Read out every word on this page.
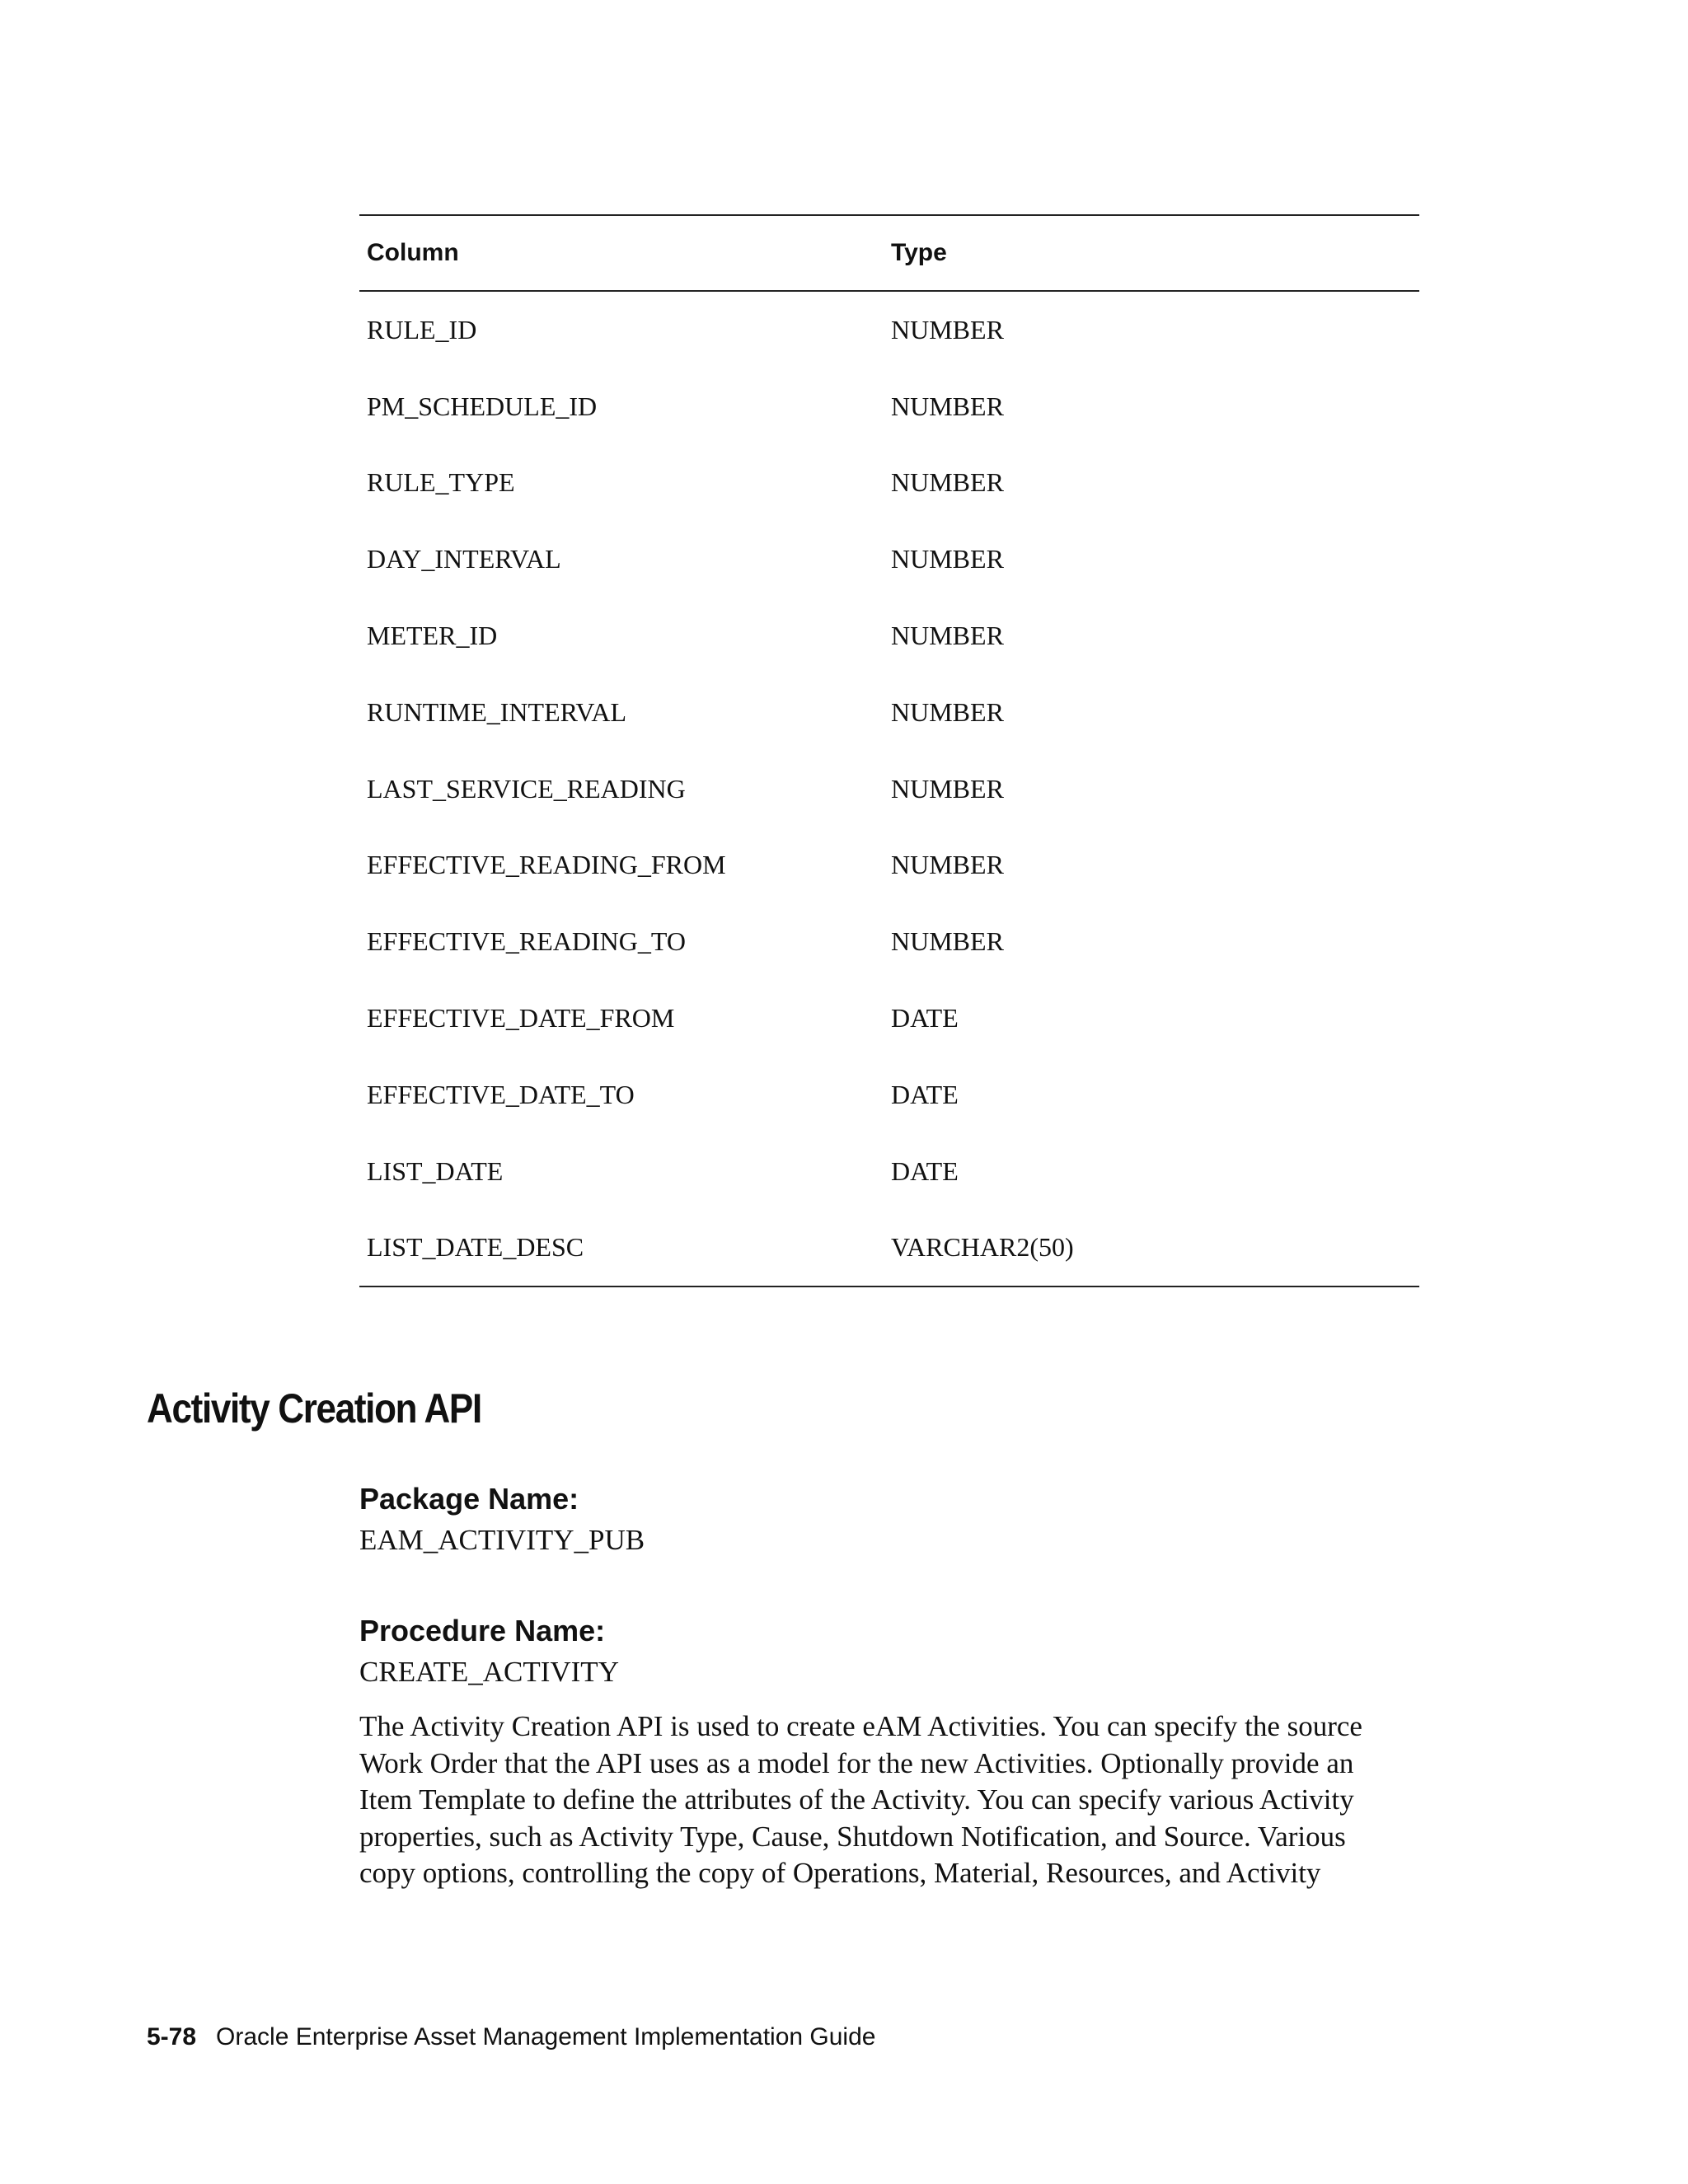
Column	Type
RULE_ID	NUMBER
PM_SCHEDULE_ID	NUMBER
RULE_TYPE	NUMBER
DAY_INTERVAL	NUMBER
METER_ID	NUMBER
RUNTIME_INTERVAL	NUMBER
LAST_SERVICE_READING	NUMBER
EFFECTIVE_READING_FROM	NUMBER
EFFECTIVE_READING_TO	NUMBER
EFFECTIVE_DATE_FROM	DATE
EFFECTIVE_DATE_TO	DATE
LIST_DATE	DATE
LIST_DATE_DESC	VARCHAR2(50)
Activity Creation API

Package Name:

EAM_ACTIVITY_PUB

Procedure Name:

CREATE_ACTIVITY

The Activity Creation API is used to create eAM Activities. You can specify the source
Work Order that the API uses as a model for the new Activities. Optionally provide an
Item Template to define the attributes of the Activity. You can specify various Activity
properties, such as Activity Type, Cause, Shutdown Notification, and Source. Various
copy options, controlling the copy of Operations, Material, Resources, and Activity

5-78 Oracle Enterprise Asset Management Implementation Guide
